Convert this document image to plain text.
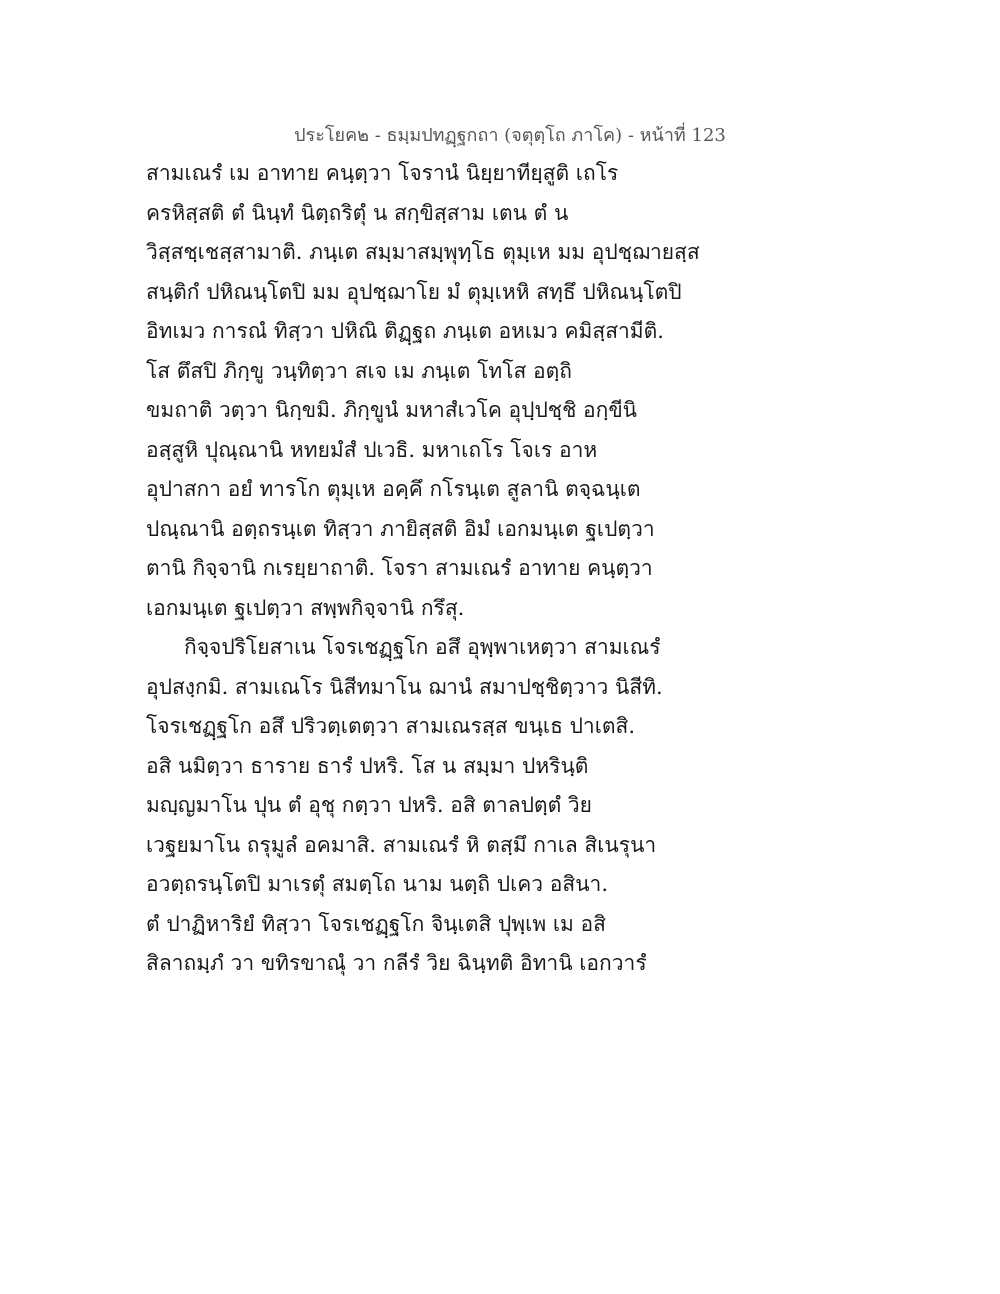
ประโยค๒ - ธมฺมปทฏฺฐกถา (จตุตฺโถ ภาโค) - หน้าที่ 123
สามเณรํ เม อาทาย คนฺตฺวา โจรานํ นิยฺยาทียฺสูติ เถโร
ครหิสฺสติ ตํ นินฺทํ นิตฺถริตุํ น สกฺขิสฺสาม เตน ตํ น
วิสฺสชฺเชสฺสามาติ. ภนฺเต สมฺมาสมฺพุทฺโธ ตุมฺเห มม อุปชฺฌายสฺส
สนฺติกํ ปหิณนฺโตปิ มม อุปชฺฌาโย มํ ตุมฺเหหิ สทฺธึ ปหิณนฺโตปิ
อิทเมว การณํ ทิสฺวา ปหิณิ ติฏฺฐถ ภนฺเต อหเมว คมิสฺสามีติ.
โส ตึสปิ ภิกฺขู วนฺทิตฺวา สเจ เม ภนฺเต โทโส อตฺถิ
ขมถาติ วตฺวา นิกฺขมิ. ภิกฺขูนํ มหาสํเวโค อุปฺปชฺชิ อกฺขีนิ
อสฺสูหิ ปุณฺณานิ หทยมํสํ ปเวธิ. มหาเถโร โจเร อาห
อุปาสกา อยํ ทารโก ตุมฺเห อคฺคึ กโรนฺเต สูลานิ ตจฺฉนฺเต
ปณฺณานิ อตฺถรนฺเต ทิสฺวา ภายิสฺสติ อิมํ เอกมนฺเต ฐเปตฺวา
ตานิ กิจฺจานิ กเรยฺยาถาติ. โจรา สามเณรํ อาทาย คนฺตฺวา
เอกมนฺเต ฐเปตฺวา สพฺพกิจฺจานิ กรึสุ.
กิจฺจปริโยสาเน โจรเชฏฺฐโก อสึ อุพฺพาเหตฺวา สามเณรํ
อุปสงฺกมิ. สามเณโร นิสีทมาโน ฌานํ สมาปชฺชิตฺวาว นิสีทิ.
โจรเชฏฺฐโก อสึ ปริวตฺเตตฺวา สามเณรสฺส ขนฺเธ ปาเตสิ.
อสิ นมิตฺวา ธาราย ธารํ ปหริ. โส น สมฺมา ปหรินฺติ
มญฺญมาโน ปุน ตํ อุชุ กตฺวา ปหริ. อสิ ตาลปตฺตํ วิย
เวฐยมาโน ถรุมูลํ อคมาสิ. สามเณรํ หิ ตสฺมึ กาเล สิเนรุนา
อวตฺถรนฺโตปิ มาเรตุํ สมตฺโถ นาม นตฺถิ ปเคว อสินา.
ตํ ปาฏิหาริยํ ทิสฺวา โจรเชฏฺฐโก จินฺเตสิ ปุพฺเพ เม อสิ
สิลาถมฺภํ วา ขทิรขาณุํ วา กลีรํ วิย ฉินฺทติ อิทานิ เอกวารํ
